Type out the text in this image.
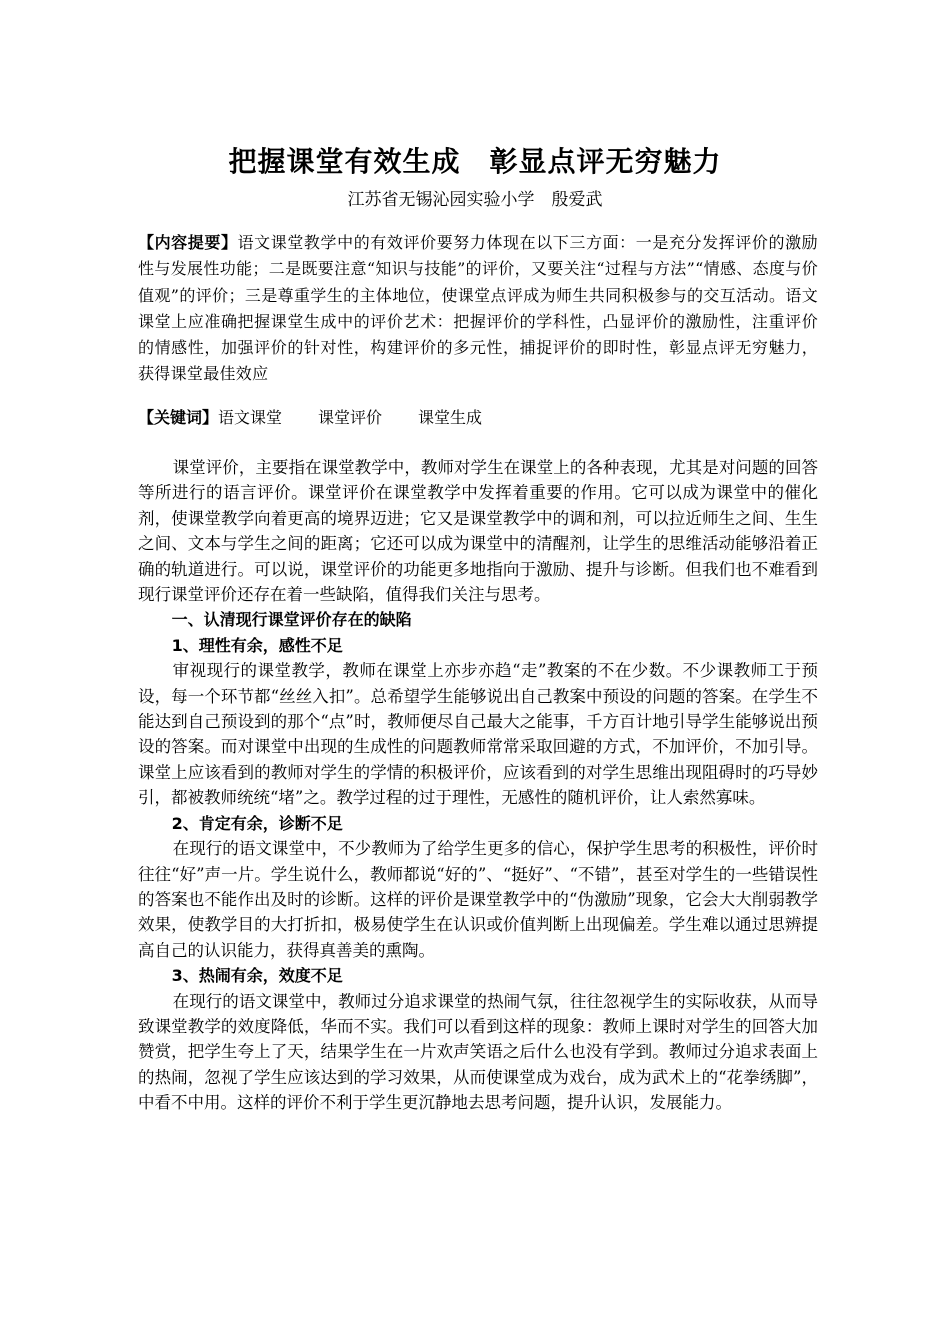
把握课堂有效生成　彰显点评无穷魅力
江苏省无锡沁园实验小学　殷爱武
【内容提要】语文课堂教学中的有效评价要努力体现在以下三方面：一是充分发挥评价的激励性与发展性功能；二是既要注意“知识与技能”的评价，又要关注“过程与方法”“情感、态度与价值观”的评价；三是尊重学生的主体地位，使课堂点评成为师生共同积极参与的交互活动。语文课堂上应准确把握课堂生成中的评价艺术：把握评价的学科性，凸显评价的激励性，注重评价的情感性，加强评价的针对性，构建评价的多元性，捕捉评价的即时性，彰显点评无穷魅力，获得课堂最佳效应
【关键词】语文课堂 课堂评价 课堂生成

课堂评价，主要指在课堂教学中，教师对学生在课堂上的各种表现，尤其是对问题的回答等所进行的语言评价。课堂评价在课堂教学中发挥着重要的作用。它可以成为课堂中的催化剂，使课堂教学向着更高的境界迈进；它又是课堂教学中的调和剂，可以拉近师生之间、生生之间、文本与学生之间的距离；它还可以成为课堂中的清醒剂，让学生的思维活动能够沿着正确的轨道进行。可以说，课堂评价的功能更多地指向于激励、提升与诊断。但我们也不难看到现行课堂评价还存在着一些缺陷，值得我们关注与思考。

一、认清现行课堂评价存在的缺陷

1、理性有余，感性不足

审视现行的课堂教学，教师在课堂上亦步亦趋“走”教案的不在少数。不少课教师工于预设，每一个环节都“丝丝入扣”。总希望学生能够说出自己教案中预设的问题的答案。在学生不能达到自己预设到的那个“点”时，教师便尽自己最大之能事，千方百计地引导学生能够说出预设的答案。而对课堂中出现的生成性的问题教师常常采取回避的方式，不加评价，不加引导。课堂上应该看到的教师对学生的学情的积极评价，应该看到的对学生思维出现阻碍时的巧导妙引，都被教师统统“堵”之。教学过程的过于理性，无感性的随机评价，让人索然寡味。

2、肯定有余，诊断不足

在现行的语文课堂中，不少教师为了给学生更多的信心，保护学生思考的积极性，评价时往往“好”声一片。学生说什么，教师都说“好的”、“挺好”、“不错”，甚至对学生的一些错误性的答案也不能作出及时的诊断。这样的评价是课堂教学中的“伪激励”现象，它会大大削弱教学效果，使教学目的大打折扣，极易使学生在认识或价值判断上出现偏差。学生难以通过思辨提高自己的认识能力，获得真善美的熏陶。

3、热闹有余，效度不足

在现行的语文课堂中，教师过分追求课堂的热闹气氛，往往忽视学生的实际收获，从而导致课堂教学的效度降低，华而不实。我们可以看到这样的现象：教师上课时对学生的回答大加赞赏，把学生夸上了天，结果学生在一片欢声笑语之后什么也没有学到。教师过分追求表面上的热闹，忽视了学生应该达到的学习效果，从而使课堂成为戏台，成为武术上的“花拳绣脚”，中看不中用。这样的评价不利于学生更沉静地去思考问题，提升认识，发展能力。
